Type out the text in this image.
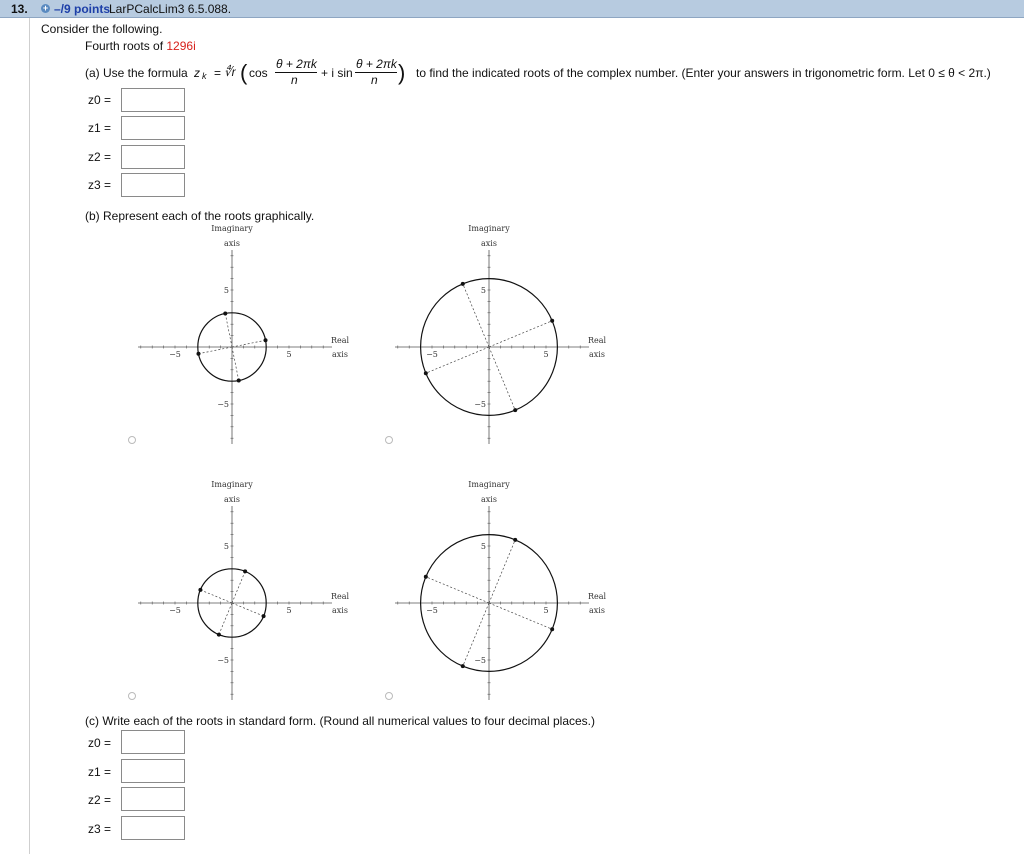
13. + –/9 points
LarPCalcLim3 6.5.088.
Consider the following.
Fourth roots of 1296i
(a) Use the formula z k = ∜r ( cos
θ + 2πk
n + i sin
θ + 2πk
n ) to find the indicated roots of the complex number. (Enter your answers in trigonometric form. Let 0 ≤ θ < 2π.)
z0 =
z1 =
z2 =
z3 =
(b) Represent each of the roots graphically.
Imaginary
axis
Real
axis
−5	5
5
−5
Imaginary
axis
Real
axis
−5	5
5
−5
Imaginary
axis
Real
axis
−5	5
5
−5
Imaginary
axis
Real
axis
−5	5
5
−5
(c) Write each of the roots in standard form. (Round all numerical values to four decimal places.)
z0 =
z1 =
z2 =
z3 =
